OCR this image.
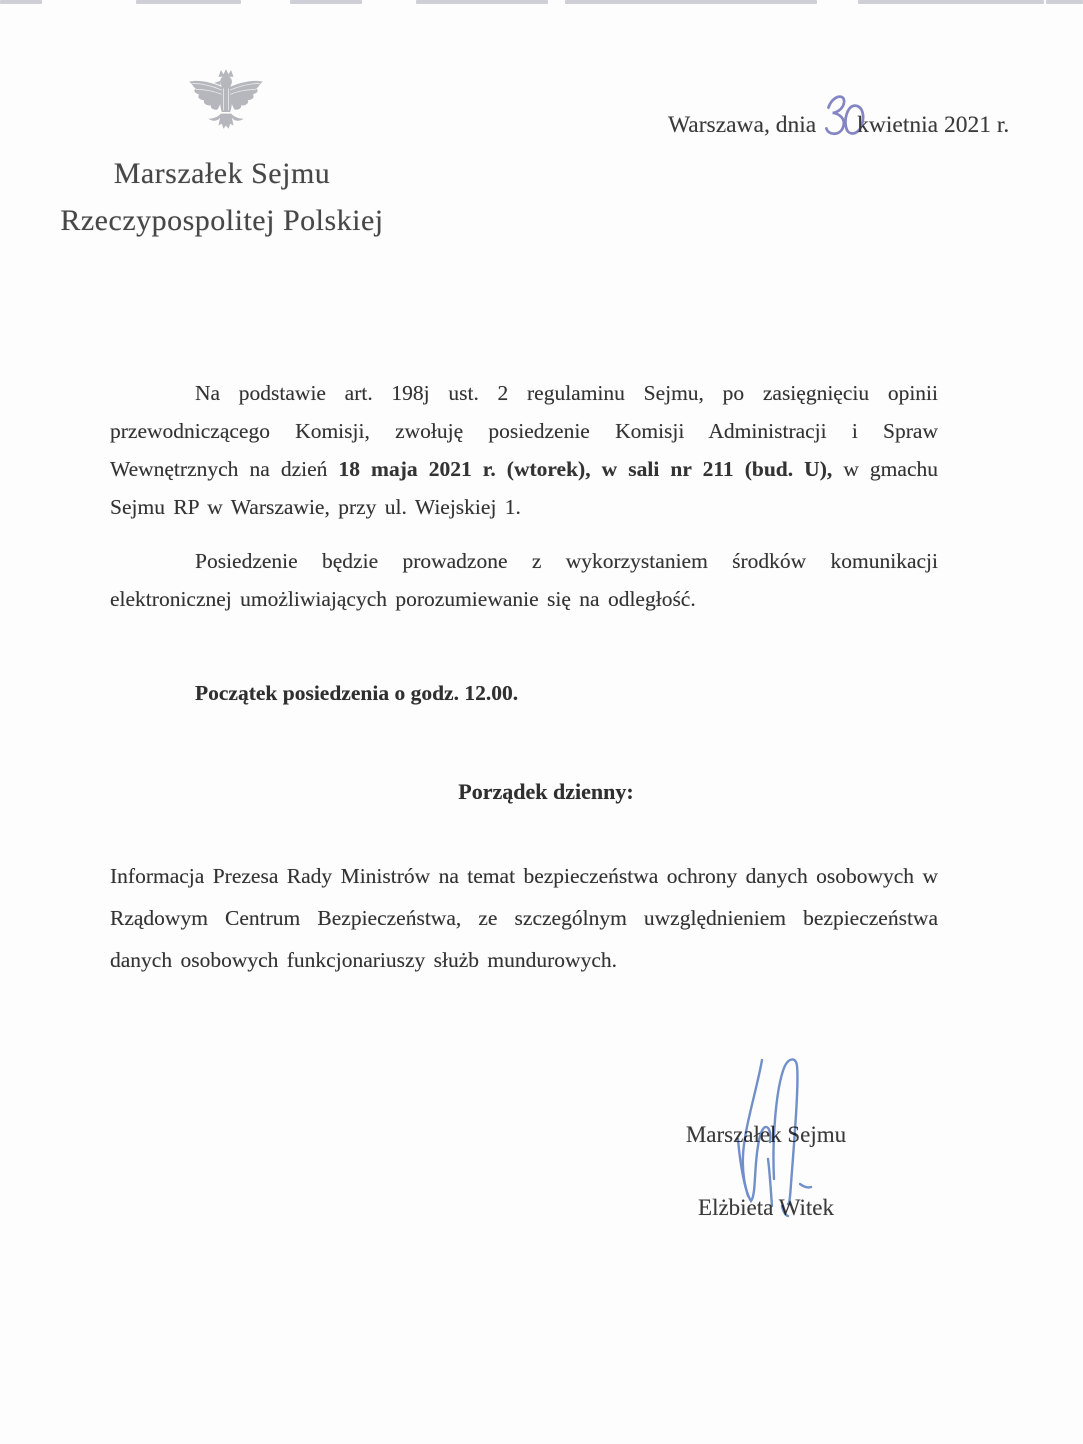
Marszałek Sejmu
Rzeczypospolitej Polskiej
Warszawa, dnia kwietnia 2021 r.

Na podstawie art. 198j ust. 2 regulaminu Sejmu, po zasięgnięciu opinii przewodniczącego Komisji, zwołuję posiedzenie Komisji Administracji i Spraw Wewnętrznych na dzień 18 maja 2021 r. (wtorek), w sali nr 211 (bud. U), w gmachu Sejmu RP w Warszawie, przy ul. Wiejskiej 1.

Posiedzenie będzie prowadzone z wykorzystaniem środków komunikacji elektronicznej umożliwiających porozumiewanie się na odległość.

Początek posiedzenia o godz. 12.00.

Porządek dzienny:

Informacja Prezesa Rady Ministrów na temat bezpieczeństwa ochrony danych osobowych w Rządowym Centrum Bezpieczeństwa, ze szczególnym uwzględnieniem bezpieczeństwa danych osobowych funkcjonariuszy służb mundurowych.

Marszałek Sejmu
Elżbieta Witek
